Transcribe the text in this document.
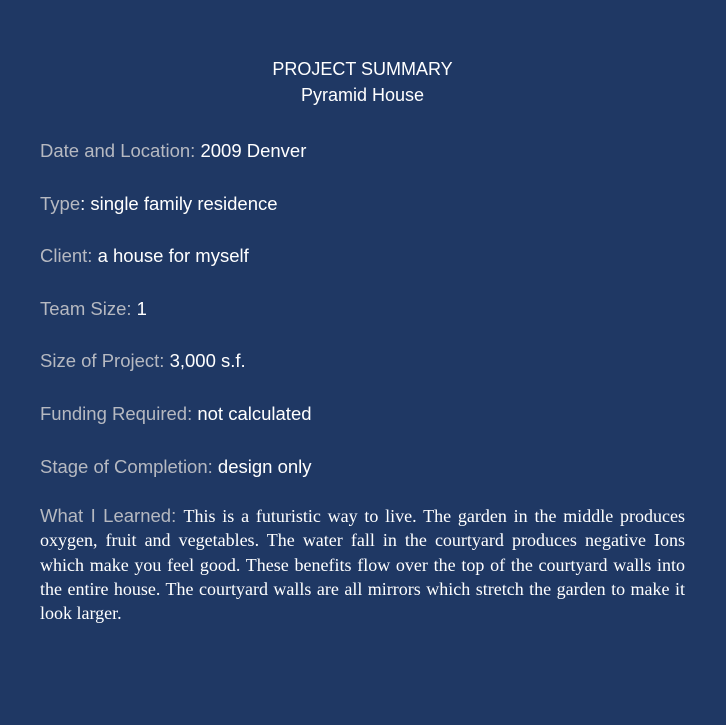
PROJECT SUMMARY
Pyramid House
Date and Location: 2009 Denver
Type: single family residence
Client: a house for myself
Team Size: 1
Size of Project: 3,000 s.f.
Funding Required: not calculated
Stage of Completion: design only
What I Learned: This is a futuristic way to live. The garden in the middle produces oxygen, fruit and vegetables. The water fall in the courtyard produces negative Ions which make you feel good. These benefits flow over the top of the courtyard walls into the entire house. The courtyard walls are all mirrors which stretch the garden to make it look larger.
